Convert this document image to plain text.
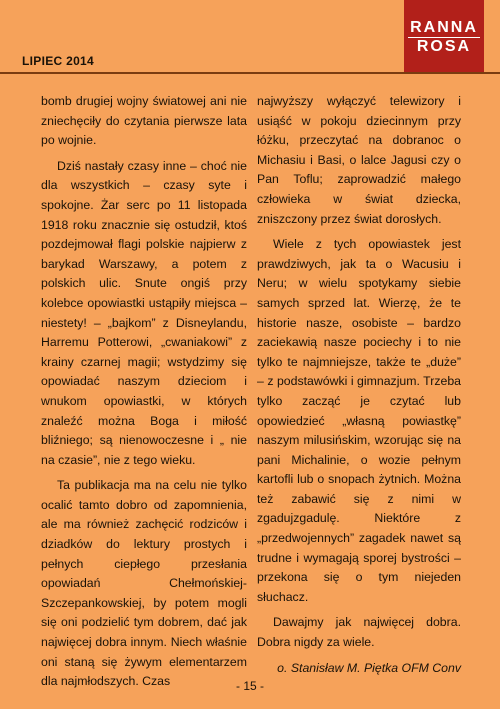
LIPIEC 2014
RANNA
ROSA

bomb drugiej wojny światowej ani nie zniechęciły do czytania pierwsze lata po wojnie.

Dziś nastały czasy inne – choć nie dla wszystkich – czasy syte i spokojne. Żar serc po 11 listopada 1918 roku znacznie się ostudził, ktoś pozdejmował flagi polskie najpierw z barykad Warszawy, a potem z polskich ulic. Snute ongiś przy kolebce opowiastki ustąpiły miejsca – niestety! – „bajkom” z Disneylandu, Harremu Potterowi, „cwaniakowi” z krainy czarnej magii; wstydzimy się opowiadać naszym dzieciom i wnukom opowiastki, w których znaleźć można Boga i miłość bliźniego; są nienowoczesne i „ nie na czasie”, nie z tego wieku.

Ta publikacja ma na celu nie tylko ocalić tamto dobro od zapomnienia, ale ma również zachęcić rodziców i dziadków do lektury prostych i pełnych ciepłego przesłania opowiadań Chełmońskiej-Szczepankowskiej, by potem mogli się oni podzielić tym dobrem, dać jak najwięcej dobra innym. Niech właśnie oni staną się żywym elementarzem dla najmłodszych. Czas

najwyższy wyłączyć telewizory i usiąść w pokoju dziecinnym przy łóżku, przeczytać na dobranoc o Michasiu i Basi, o lalce Jagusi czy o Pan Toflu; zaprowadzić małego człowieka w świat dziecka, zniszczony przez świat dorosłych.

Wiele z tych opowiastek jest prawdziwych, jak ta o Wacusiu i Neru; w wielu spotykamy siebie samych sprzed lat. Wierzę, że te historie nasze, osobiste – bardzo zaciekawią nasze pociechy i to nie tylko te najmniejsze, także te „duże” – z podstawówki i gimnazjum. Trzeba tylko zacząć je czytać lub opowiedzieć „własną powiastkę” naszym milusińskim, wzorując się na pani Michalinie, o wozie pełnym kartofli lub o snopach żytnich. Można też zabawić się z nimi w zgadujzgadulę. Niektóre z „przedwojennych” zagadek nawet są trudne i wymagają sporej bystrości – przekona się o tym niejeden słuchacz.

Dawajmy jak najwięcej dobra. Dobra nigdy za wiele.

o. Stanisław M. Piętka OFM Conv

- 15 -
